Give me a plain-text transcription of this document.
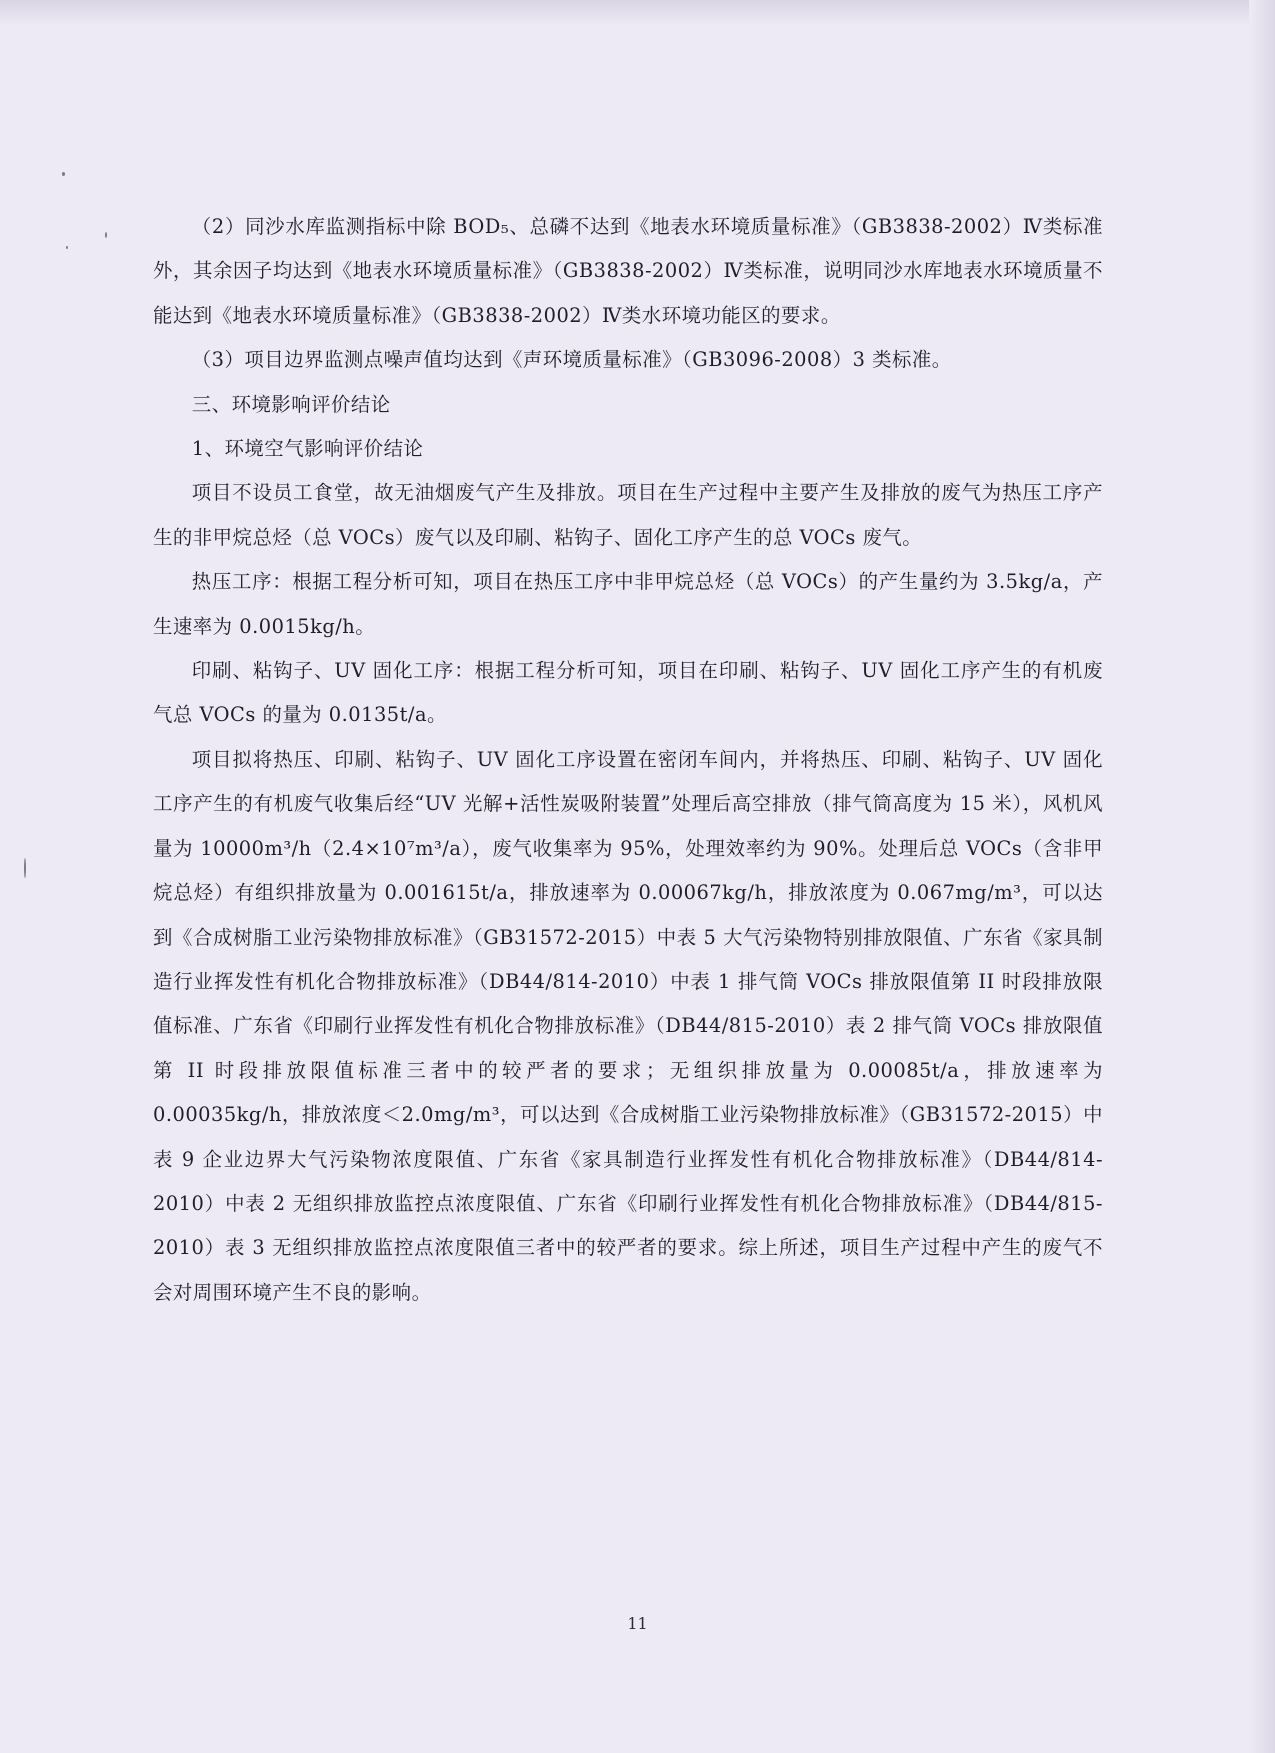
（2）同沙水库监测指标中除 BOD₅、总磷不达到《地表水环境质量标准》（GB3838-2002）Ⅳ类标准外，其余因子均达到《地表水环境质量标准》（GB3838-2002）Ⅳ类标准，说明同沙水库地表水环境质量不能达到《地表水环境质量标准》（GB3838-2002）Ⅳ类水环境功能区的要求。

（3）项目边界监测点噪声值均达到《声环境质量标准》（GB3096-2008）3 类标准。

三、环境影响评价结论

1、环境空气影响评价结论

项目不设员工食堂，故无油烟废气产生及排放。项目在生产过程中主要产生及排放的废气为热压工序产生的非甲烷总烃（总 VOCs）废气以及印刷、粘钩子、固化工序产生的总 VOCs 废气。

热压工序：根据工程分析可知，项目在热压工序中非甲烷总烃（总 VOCs）的产生量约为 3.5kg/a，产生速率为 0.0015kg/h。

印刷、粘钩子、UV 固化工序：根据工程分析可知，项目在印刷、粘钩子、UV 固化工序产生的有机废气总 VOCs 的量为 0.0135t/a。

项目拟将热压、印刷、粘钩子、UV 固化工序设置在密闭车间内，并将热压、印刷、粘钩子、UV 固化工序产生的有机废气收集后经“UV 光解+活性炭吸附装置”处理后高空排放（排气筒高度为 15 米），风机风量为 10000m³/h（2.4×10⁷m³/a），废气收集率为 95%，处理效率约为 90%。处理后总 VOCs（含非甲烷总烃）有组织排放量为 0.001615t/a，排放速率为 0.00067kg/h，排放浓度为 0.067mg/m³，可以达到《合成树脂工业污染物排放标准》（GB31572-2015）中表 5 大气污染物特别排放限值、广东省《家具制造行业挥发性有机化合物排放标准》（DB44/814-2010）中表 1 排气筒 VOCs 排放限值第 II 时段排放限值标准、广东省《印刷行业挥发性有机化合物排放标准》（DB44/815-2010）表 2 排气筒 VOCs 排放限值第 II 时段排放限值标准三者中的较严者的要求；无组织排放量为 0.00085t/a，排放速率为 0.00035kg/h，排放浓度＜2.0mg/m³，可以达到《合成树脂工业污染物排放标准》（GB31572-2015）中表 9 企业边界大气污染物浓度限值、广东省《家具制造行业挥发性有机化合物排放标准》（DB44/814-2010）中表 2 无组织排放监控点浓度限值、广东省《印刷行业挥发性有机化合物排放标准》（DB44/815-2010）表 3 无组织排放监控点浓度限值三者中的较严者的要求。综上所述，项目生产过程中产生的废气不会对周围环境产生不良的影响。

11
